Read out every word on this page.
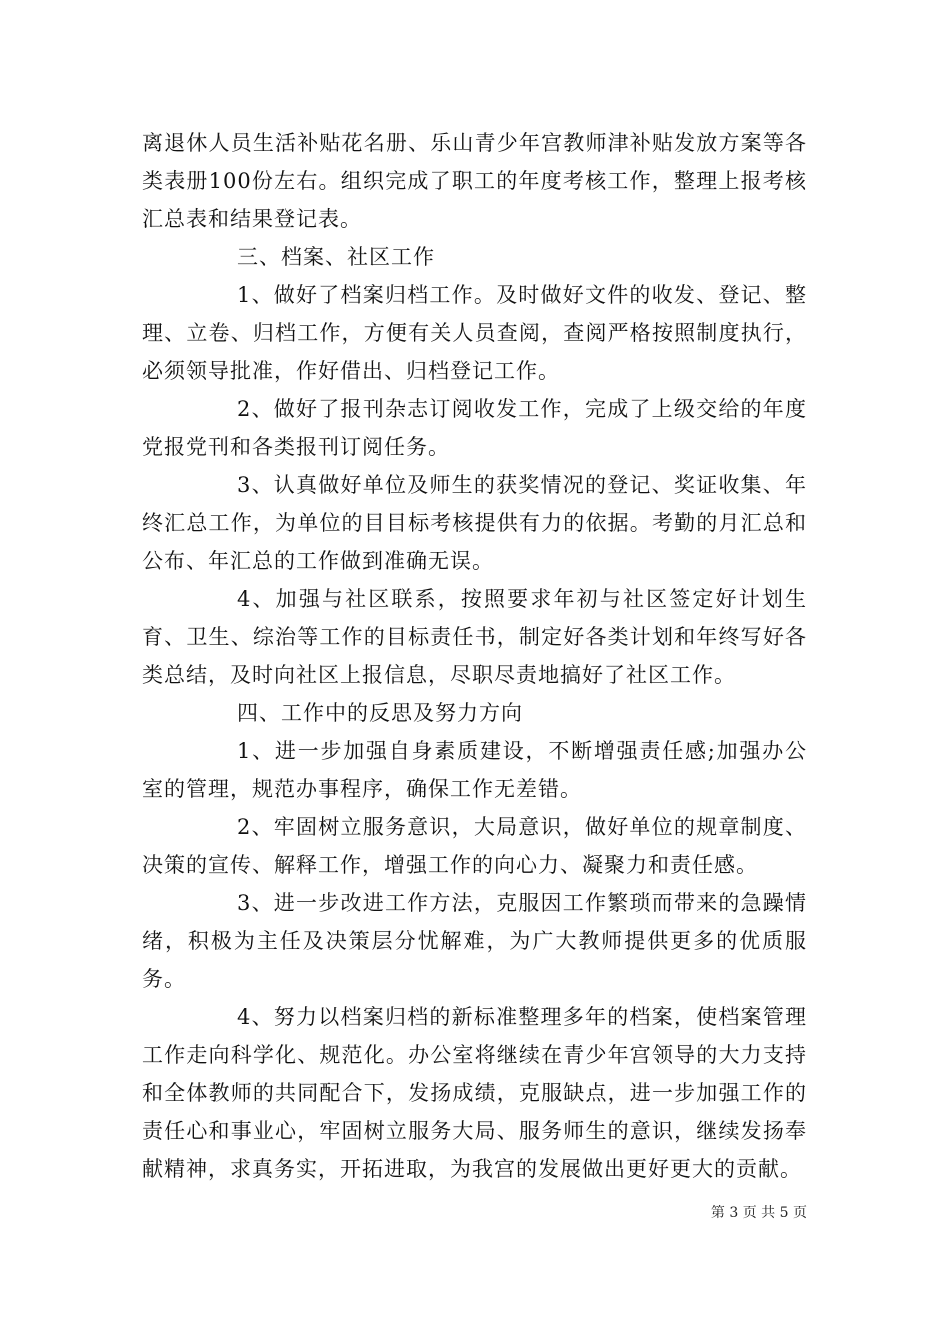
离退休人员生活补贴花名册、乐山青少年宫教师津补贴发放方案等各类表册100份左右。组织完成了职工的年度考核工作，整理上报考核汇总表和结果登记表。

三、档案、社区工作

1、做好了档案归档工作。及时做好文件的收发、登记、整理、立卷、归档工作，方便有关人员查阅，查阅严格按照制度执行，必须领导批准，作好借出、归档登记工作。

2、做好了报刊杂志订阅收发工作，完成了上级交给的年度党报党刊和各类报刊订阅任务。

3、认真做好单位及师生的获奖情况的登记、奖证收集、年终汇总工作，为单位的目目标考核提供有力的依据。考勤的月汇总和公布、年汇总的工作做到准确无误。

4、加强与社区联系，按照要求年初与社区签定好计划生育、卫生、综治等工作的目标责任书，制定好各类计划和年终写好各类总结，及时向社区上报信息，尽职尽责地搞好了社区工作。

四、工作中的反思及努力方向

1、进一步加强自身素质建设，不断增强责任感;加强办公室的管理，规范办事程序，确保工作无差错。

2、牢固树立服务意识，大局意识，做好单位的规章制度、决策的宣传、解释工作，增强工作的向心力、凝聚力和责任感。

3、进一步改进工作方法，克服因工作繁琐而带来的急躁情绪，积极为主任及决策层分忧解难，为广大教师提供更多的优质服务。

4、努力以档案归档的新标准整理多年的档案，使档案管理工作走向科学化、规范化。办公室将继续在青少年宫领导的大力支持和全体教师的共同配合下，发扬成绩，克服缺点，进一步加强工作的责任心和事业心，牢固树立服务大局、服务师生的意识，继续发扬奉献精神，求真务实，开拓进取，为我宫的发展做出更好更大的贡献。

第 3 页 共 5 页
